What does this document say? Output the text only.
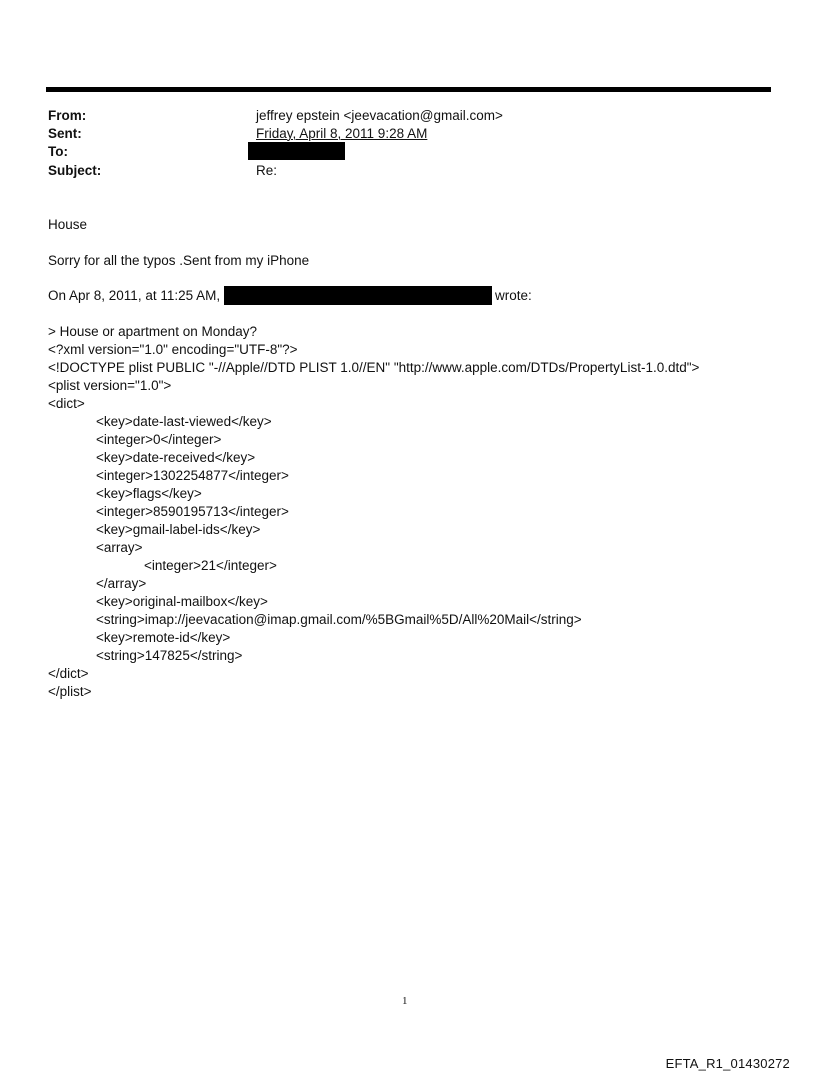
From:	jeffrey epstein <jeevacation@gmail.com>
Sent:	Friday, April 8, 2011 9:28 AM
To:
Subject:	Re:
House
Sorry for all the typos .Sent from my iPhone
On Apr 8, 2011, at 11:25 AM,	wrote:
> House or apartment on Monday?
<?xml version="1.0" encoding="UTF-8"?>
<!DOCTYPE plist PUBLIC "-//Apple//DTD PLIST 1.0//EN" "http://www.apple.com/DTDs/PropertyList-1.0.dtd">
<plist version="1.0">
<dict>
<key>date-last-viewed</key>
<integer>0</integer>
<key>date-received</key>
<integer>1302254877</integer>
<key>flags</key>
<integer>8590195713</integer>
<key>gmail-label-ids</key>
<array>
<integer>21</integer>
</array>
<key>original-mailbox</key>
<string>imap://jeevacation@imap.gmail.com/%5BGmail%5D/All%20Mail</string>
<key>remote-id</key>
<string>147825</string>
</dict>
</plist>
1
EFTA_R1_01430272
